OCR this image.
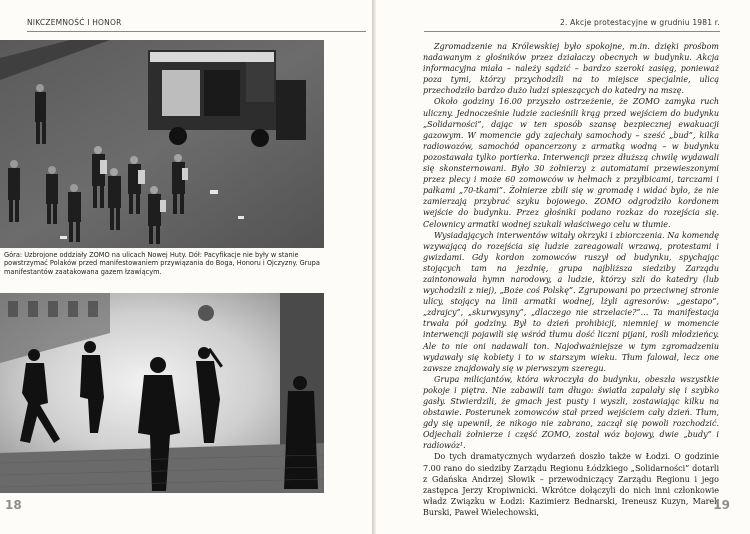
NIKCZEMNOŚĆ I HONOR
Góra: Uzbrojone oddziały ZOMO na ulicach Nowej Huty. Dół: Pacyfikacje nie były w stanie powstrzymać Polaków przed manifestowaniem przywiązania do Boga, Honoru i Ojczyzny. Grupa manifestantów zaatakowana gazem łzawiącym.
18
2. Akcje protestacyjne w grudniu 1981 r.

Zgromadzenie na Królewskiej było spokojne, m.in. dzięki prośbom nadawanym z głośników przez działaczy obecnych w budynku. Akcja informacyjna miała – należy sądzić – bardzo szeroki zasięg, ponieważ poza tymi, którzy przychodzili na to miejsce specjalnie, ulicą przechodziło bardzo dużo ludzi spieszących do katedry na mszę.

Około godziny 16.00 przyszło ostrzeżenie, że ZOMO zamyka ruch uliczny. Jednocześnie ludzie zacieśnili krąg przed wejściem do budynku „Solidarności”, dając w ten sposób szansę bezpiecznej ewakuacji gazowym. W momencie gdy zajechały samochody – sześć „bud”, kilka radiowozów, samochód opancerzony z armatką wodną – w budynku pozostawała tylko portierka. Interwencji przez dłuższą chwilę wydawali się skonsternowani. Było 30 żołnierzy z automatami przewieszonymi przez plecy i może 60 zomowców w hełmach z przyłbicami, tarczami i pałkami „70-tkami”. Żołnierze zbili się w gromadę i widać było, że nie zamierzają przybrać szyku bojowego. ZOMO odgrodziło kordonem wejście do budynku. Przez głośniki podano rozkaz do rozejścia się. Celownicy armatki wodnej szukali właściwego celu w tłumie.

Wysiadających interwentów witały okrzyki i zbiorczenia. Na komendę wzywającą do rozejścia się ludzie zareagowali wrzawą, protestami i gwizdami. Gdy kordon zomowców ruszył od budynku, spychając stojących tam na jezdnię, grupa najbliższa siedziby Zarządu zaintonowała hymn narodowy, a ludzie, którzy szli do katedry (lub wychodzili z niej), „Boże coś Polskę”. Zgrupowani po przeciwnej stronie ulicy, stojący na linii armatki wodnej, lżyli agresorów: „gestapo”, „zdrajcy”, „skurwysyny”, „dlaczego nie strzelacie?”… Ta manifestacja trwała pół godziny. Był to dzień prohibicji, niemniej w momencie interwencji pojawili się wśród tłumu dość liczni pijani, rośli młodzieńcy. Ale to nie oni nadawali ton. Najodważniejsze w tym zgromadzeniu wydawały się kobiety i to w starszym wieku. Tłum falował, lecz one zawsze znajdowały się w pierwszym szeregu.

Grupa milicjantów, która wkroczyła do budynku, obeszła wszystkie pokoje i piętra. Nie zabawili tam długo: światła zapalały się i szybko gasły. Stwierdzili, że gmach jest pusty i wyszli, zostawiając kilku na obstawie. Posterunek zomowców stał przed wejściem cały dzień. Tłum, gdy się upewnił, że nikogo nie zabrano, zaczął się powoli rozchodzić. Odjechali żołnierze i część ZOMO, został wóz bojowy, dwie „budy” i radiowóz¹.

Do tych dramatycznych wydarzeń doszło także w Łodzi. O godzinie 7.00 rano do siedziby Zarządu Regionu Łódzkiego „Solidarności” dotarli z Gdańska Andrzej Słowik – przewodniczący Zarządu Regionu i jego zastępca Jerzy Kropiwnicki. Wkrótce dołączyli do nich inni członkowie władz Związku w Łodzi: Kazimierz Bednarski, Ireneusz Kuzyn, Marek Burski, Paweł Wielechowski,

19
